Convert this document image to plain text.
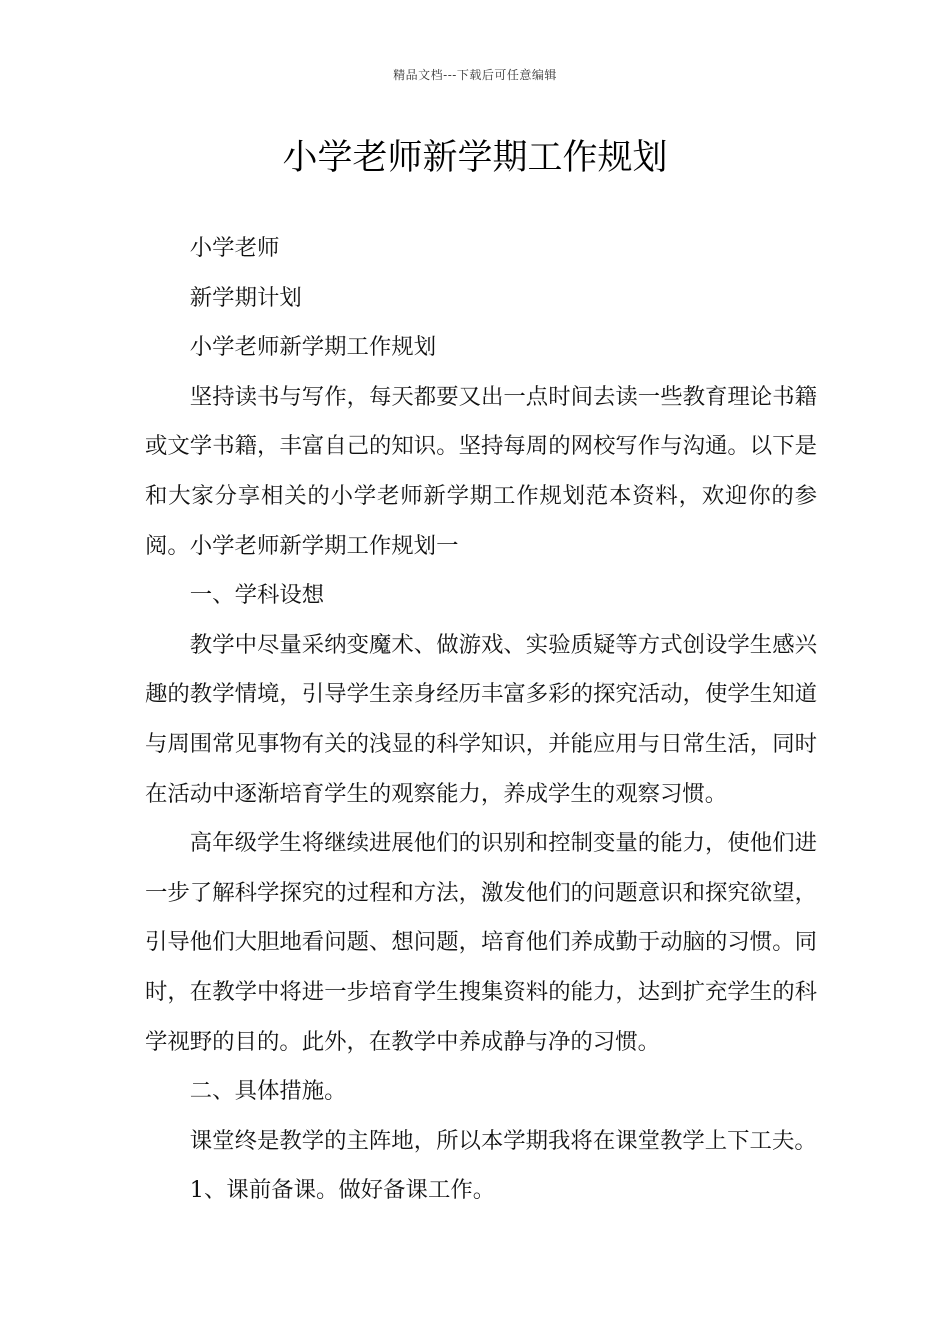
精品文档---下载后可任意编辑
小学老师新学期工作规划

小学老师

新学期计划

小学老师新学期工作规划

坚持读书与写作，每天都要又出一点时间去读一些教育理论书籍或文学书籍，丰富自己的知识。坚持每周的网校写作与沟通。以下是和大家分享相关的小学老师新学期工作规划范本资料，欢迎你的参阅。小学老师新学期工作规划一

一、学科设想

教学中尽量采纳变魔术、做游戏、实验质疑等方式创设学生感兴趣的教学情境，引导学生亲身经历丰富多彩的探究活动，使学生知道与周围常见事物有关的浅显的科学知识，并能应用与日常生活，同时在活动中逐渐培育学生的观察能力，养成学生的观察习惯。

高年级学生将继续进展他们的识别和控制变量的能力，使他们进一步了解科学探究的过程和方法，激发他们的问题意识和探究欲望，引导他们大胆地看问题、想问题，培育他们养成勤于动脑的习惯。同时，在教学中将进一步培育学生搜集资料的能力，达到扩充学生的科学视野的目的。此外，在教学中养成静与净的习惯。

二、具体措施。

课堂终是教学的主阵地，所以本学期我将在课堂教学上下工夫。

1、课前备课。做好备课工作。
